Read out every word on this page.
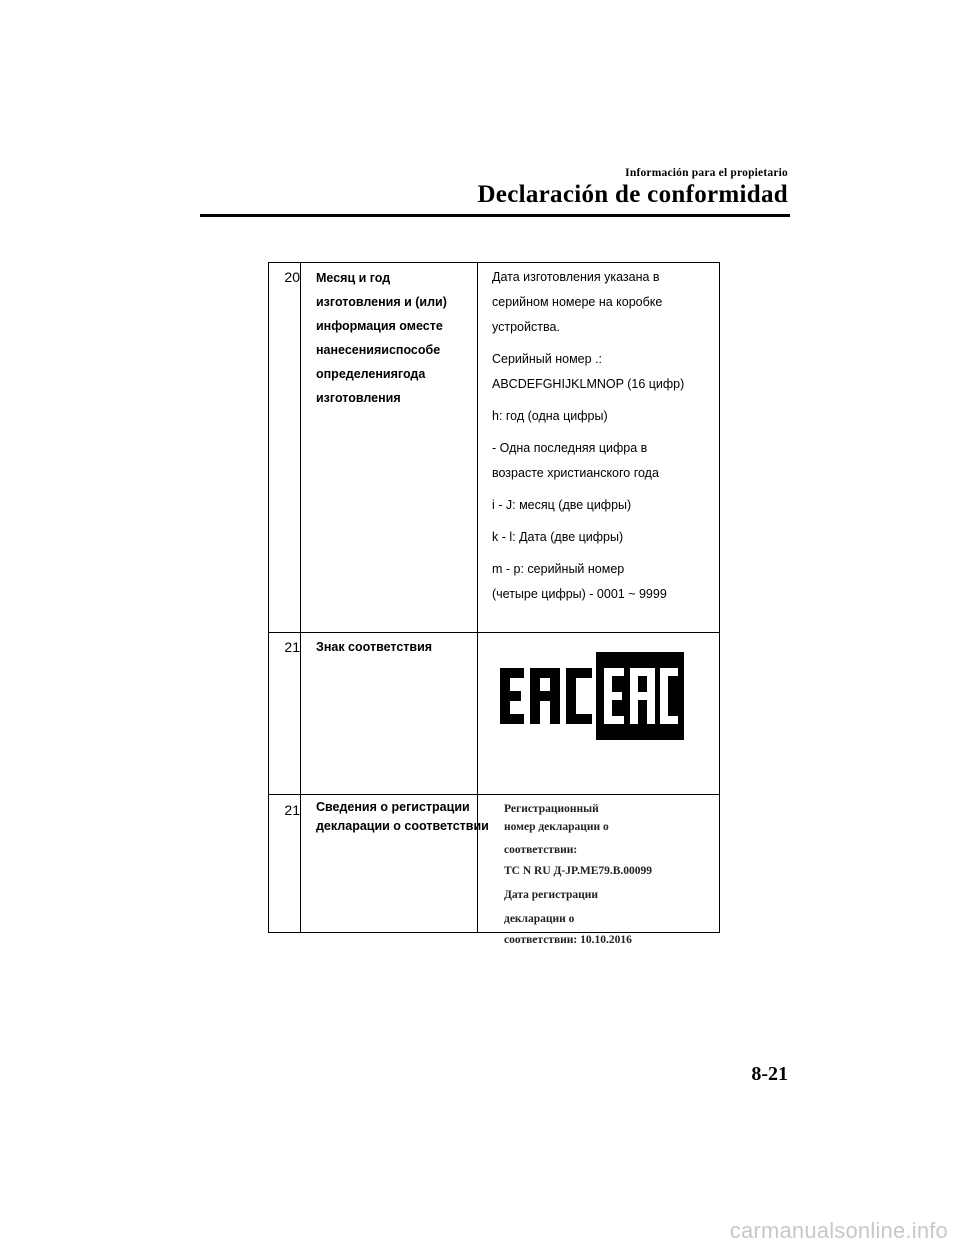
Información para el propietario
Declaración de conformidad
20 Месяц и год

изготовления и (или)

информация оместе

нанесенияиспособе

определениягода

изготовления

Дата изготовления указана в

серийном номере на коробке

устройства.

Серийный номер .:

ABCDEFGHIJKLMNOP (16 цифр)

h: год (одна цифры)

- Одна последняя цифра в

возрасте христианского года

i - J: месяц (две цифры)

k - l: Дата (две цифры)

m - p: серийный номер

(четыре цифры) - 0001 ~ 9999

21 Знак соответствия

21 Сведения о регистрации

декларации о соответствии

Регистрационный

номер декларации о

соответствии:

ТС N RU Д-JP.ME79.B.00099

Дата регистрации

декларации о

соответствии: 10.10.2016

8-21
carmanualsonline.info
